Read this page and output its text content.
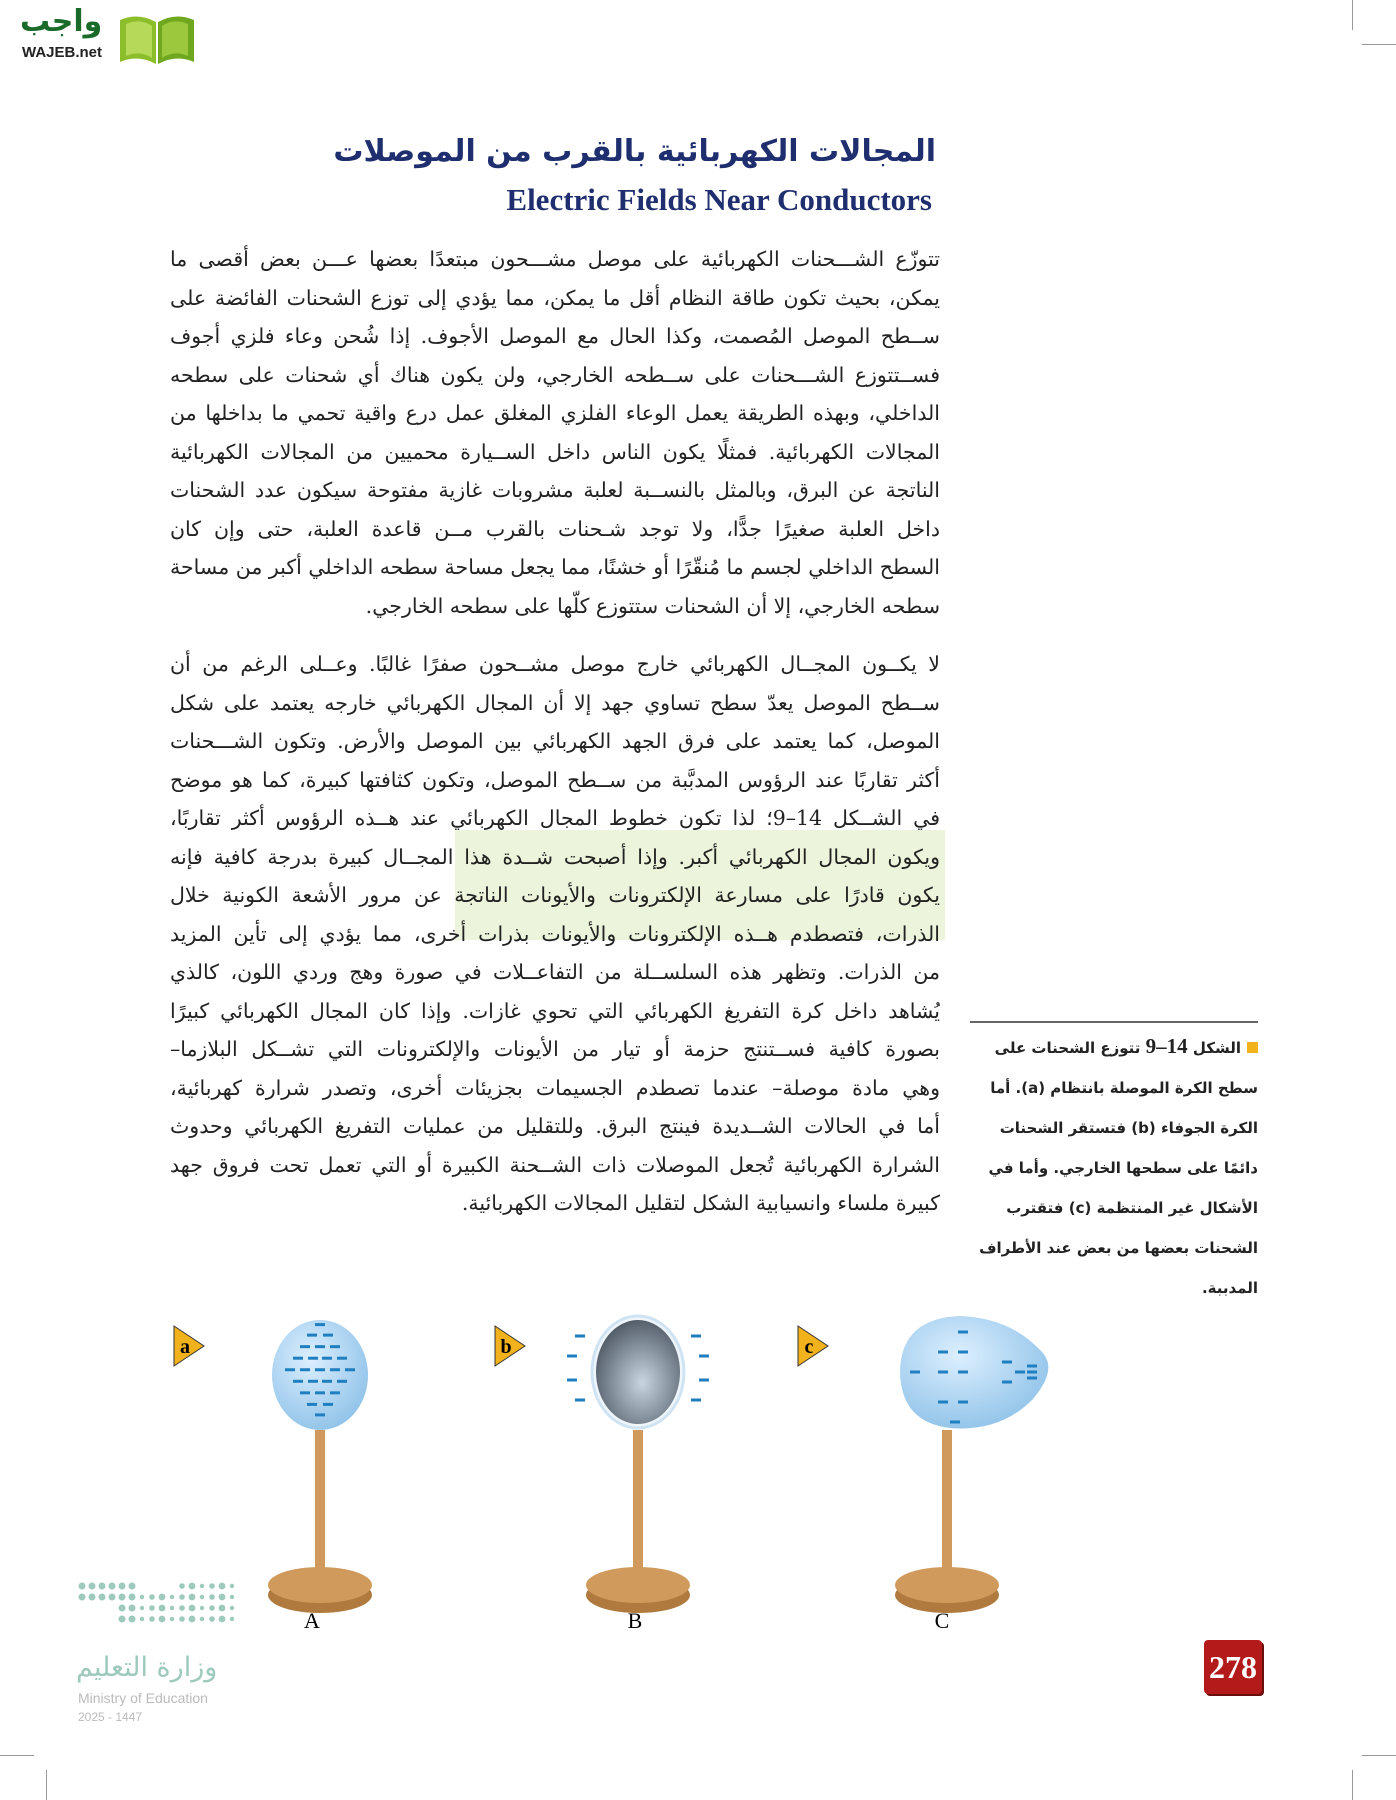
واجب
WAJEB.net
المجالات الكهربائية بالقرب من الموصلات
Electric Fields Near Conductors
تتوزّع الشـــحنات الكهربائية على موصل مشـــحون مبتعدًا بعضها عـــن بعض أقصى ما
يمكن، بحيث تكون طاقة النظام أقل ما يمكن، مما يؤدي إلى توزع الشحنات الفائضة على
ســطح الموصل المُصمت، وكذا الحال مع الموصل الأجوف. إذا شُحن وعاء فلزي أجوف
فســتتوزع الشـــحنات على ســطحه الخارجي، ولن يكون هناك أي شحنات على سطحه
الداخلي، وبهذه الطريقة يعمل الوعاء الفلزي المغلق عمل درع واقية تحمي ما بداخلها من
المجالات الكهربائية. فمثلًا يكون الناس داخل الســيارة محميين من المجالات الكهربائية
الناتجة عن البرق، وبالمثل بالنســبة لعلبة مشروبات غازية مفتوحة سيكون عدد الشحنات
داخل العلبة صغيرًا جدًّا، ولا توجد شـحنات بالقرب مــن قاعدة العلبة، حتى وإن كان
السطح الداخلي لجسم ما مُنقّرًا أو خشنًا، مما يجعل مساحة سطحه الداخلي أكبر من مساحة
سطحه الخارجي، إلا أن الشحنات ستتوزع كلّها على سطحه الخارجي.
لا يكــون المجــال الكهربائي خارج موصل مشــحون صفرًا غالبًا. وعــلى الرغم من أن
ســطح الموصل يعدّ سطح تساوي جهد إلا أن المجال الكهربائي خارجه يعتمد على شكل
الموصل، كما يعتمد على فرق الجهد الكهربائي بين الموصل والأرض. وتكون الشـــحنات
أكثر تقاربًا عند الرؤوس المدبَّبة من ســطح الموصل، وتكون كثافتها كبيرة، كما هو موضح
في الشــكل 14–9؛ لذا تكون خطوط المجال الكهربائي عند هــذه الرؤوس أكثر تقاربًا،
ويكون المجال الكهربائي أكبر. وإذا أصبحت شــدة هذا المجــال كبيرة بدرجة كافية فإنه
يكون قادرًا على مسارعة الإلكترونات والأيونات الناتجة عن مرور الأشعة الكونية خلال
الذرات، فتصطدم هــذه الإلكترونات والأيونات بذرات أخرى، مما يؤدي إلى تأين المزيد
من الذرات. وتظهر هذه السلســلة من التفاعــلات في صورة وهج وردي اللون، كالذي
يُشاهد داخل كرة التفريغ الكهربائي التي تحوي غازات. وإذا كان المجال الكهربائي كبيرًا
بصورة كافية فســتنتج حزمة أو تيار من الأيونات والإلكترونات التي تشــكل البلازما–
وهي مادة موصلة– عندما تصطدم الجسيمات بجزيئات أخرى، وتصدر شرارة كهربائية،
أما في الحالات الشــديدة فينتج البرق. وللتقليل من عمليات التفريغ الكهربائي وحدوث
الشرارة الكهربائية تُجعل الموصلات ذات الشــحنة الكبيرة أو التي تعمل تحت فروق جهد
كبيرة ملساء وانسيابية الشكل لتقليل المجالات الكهربائية.
الشكل 14–9 تتوزع الشحنات على سطح الكرة الموصلة بانتظام (a). أما الكرة الجوفاء (b) فتستقر الشحنات دائمًا على سطحها الخارجي. وأما في الأشكال غير المنتظمة (c) فتقترب الشحنات بعضها من بعض عند الأطراف المدببة.
a	b	c
A	B	C
وزارة التعليم
Ministry of Education
2025 - 1447
278
